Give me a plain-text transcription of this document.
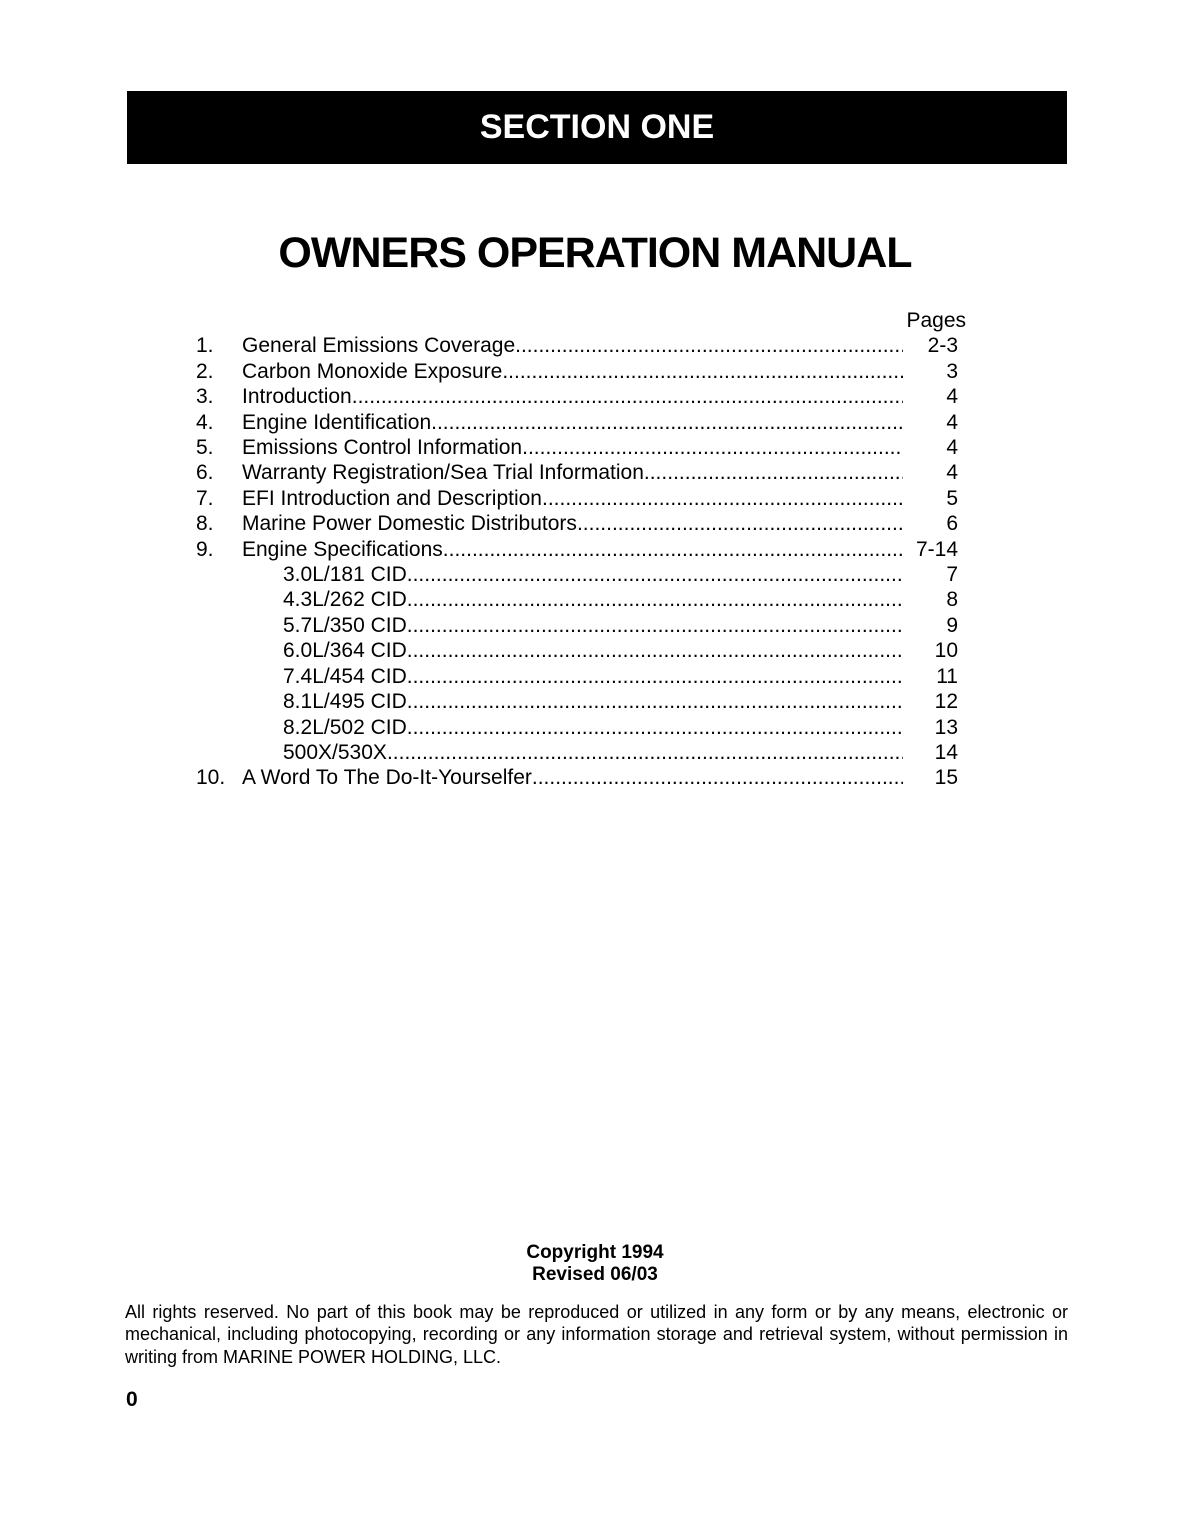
SECTION ONE
OWNERS OPERATION MANUAL
Pages
1.	General Emissions Coverage .....	2-3
2.	Carbon Monoxide Exposure .....	3
3.	Introduction .....	4
4.	Engine Identification .....	4
5.	Emissions Control Information .....	4
6.	Warranty Registration/Sea Trial Information .....	4
7.	EFI Introduction and Description .....	5
8.	Marine Power Domestic Distributors .....	6
9.	Engine Specifications .....	7-14
3.0L/181 CID .....	7
4.3L/262 CID .....	8
5.7L/350 CID .....	9
6.0L/364 CID .....	10
7.4L/454 CID .....	11
8.1L/495 CID .....	12
8.2L/502 CID .....	13
500X/530X .....	14
10. A Word To The Do-It-Yourselfer .....	15
Copyright 1994
Revised 06/03

All rights reserved. No part of this book may be reproduced or utilized in any form or by any means, electronic or mechanical, including photocopying, recording or any information storage and retrieval system, without permission in writing from MARINE POWER HOLDING, LLC.

0
